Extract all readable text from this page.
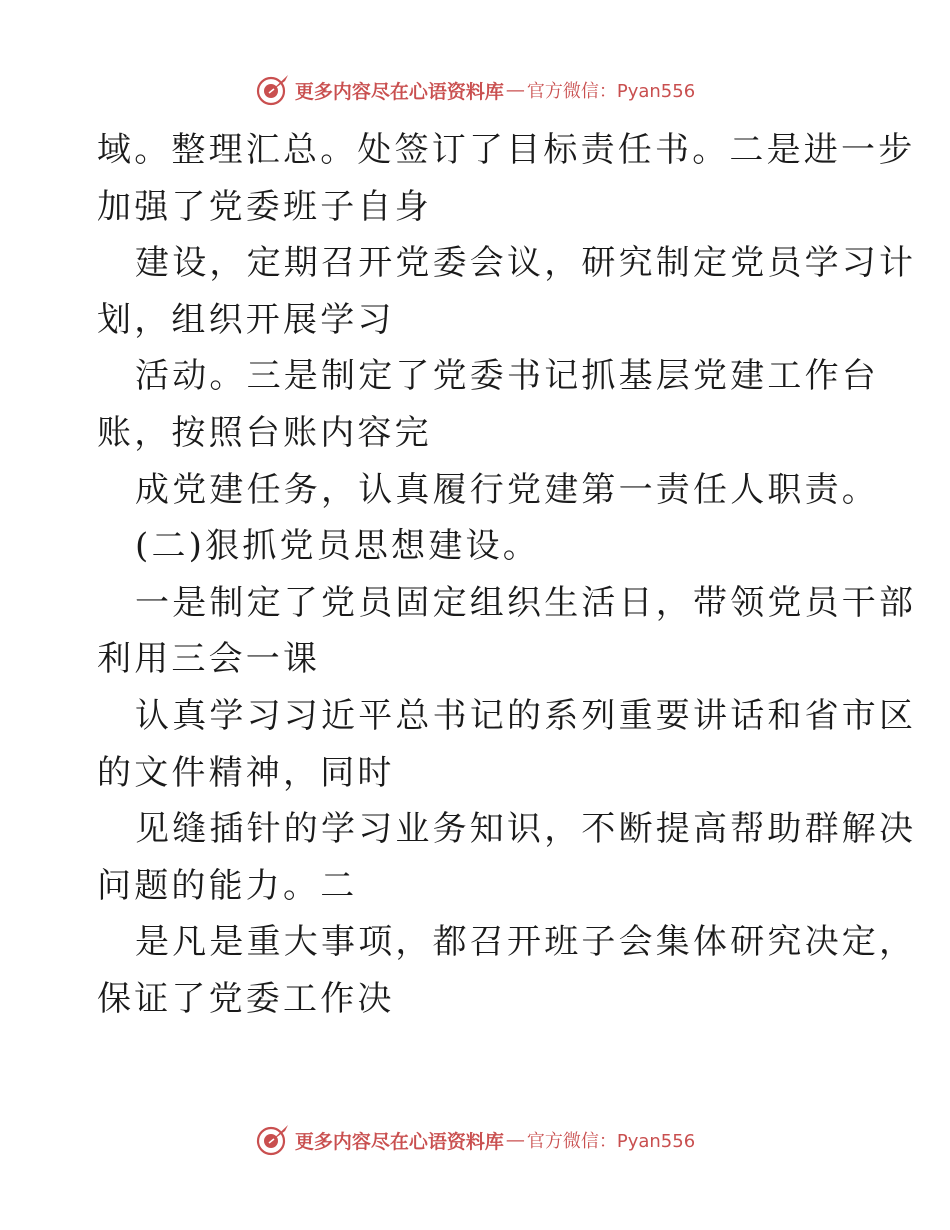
更多内容尽在心语资料库 — 官方微信：Pyan556
域。整理汇总。处签订了目标责任书。二是进一步
加强了党委班子自身
建设，定期召开党委会议，研究制定党员学习计
划，组织开展学习
活动。三是制定了党委书记抓基层党建工作台
账，按照台账内容完
成党建任务，认真履行党建第一责任人职责。
(二)狠抓党员思想建设。
一是制定了党员固定组织生活日，带领党员干部
利用三会一课
认真学习习近平总书记的系列重要讲话和省市区
的文件精神，同时
见缝插针的学习业务知识，不断提高帮助群解决
问题的能力。二
是凡是重大事项，都召开班子会集体研究决定，
保证了党委工作决
更多内容尽在心语资料库 — 官方微信：Pyan556
